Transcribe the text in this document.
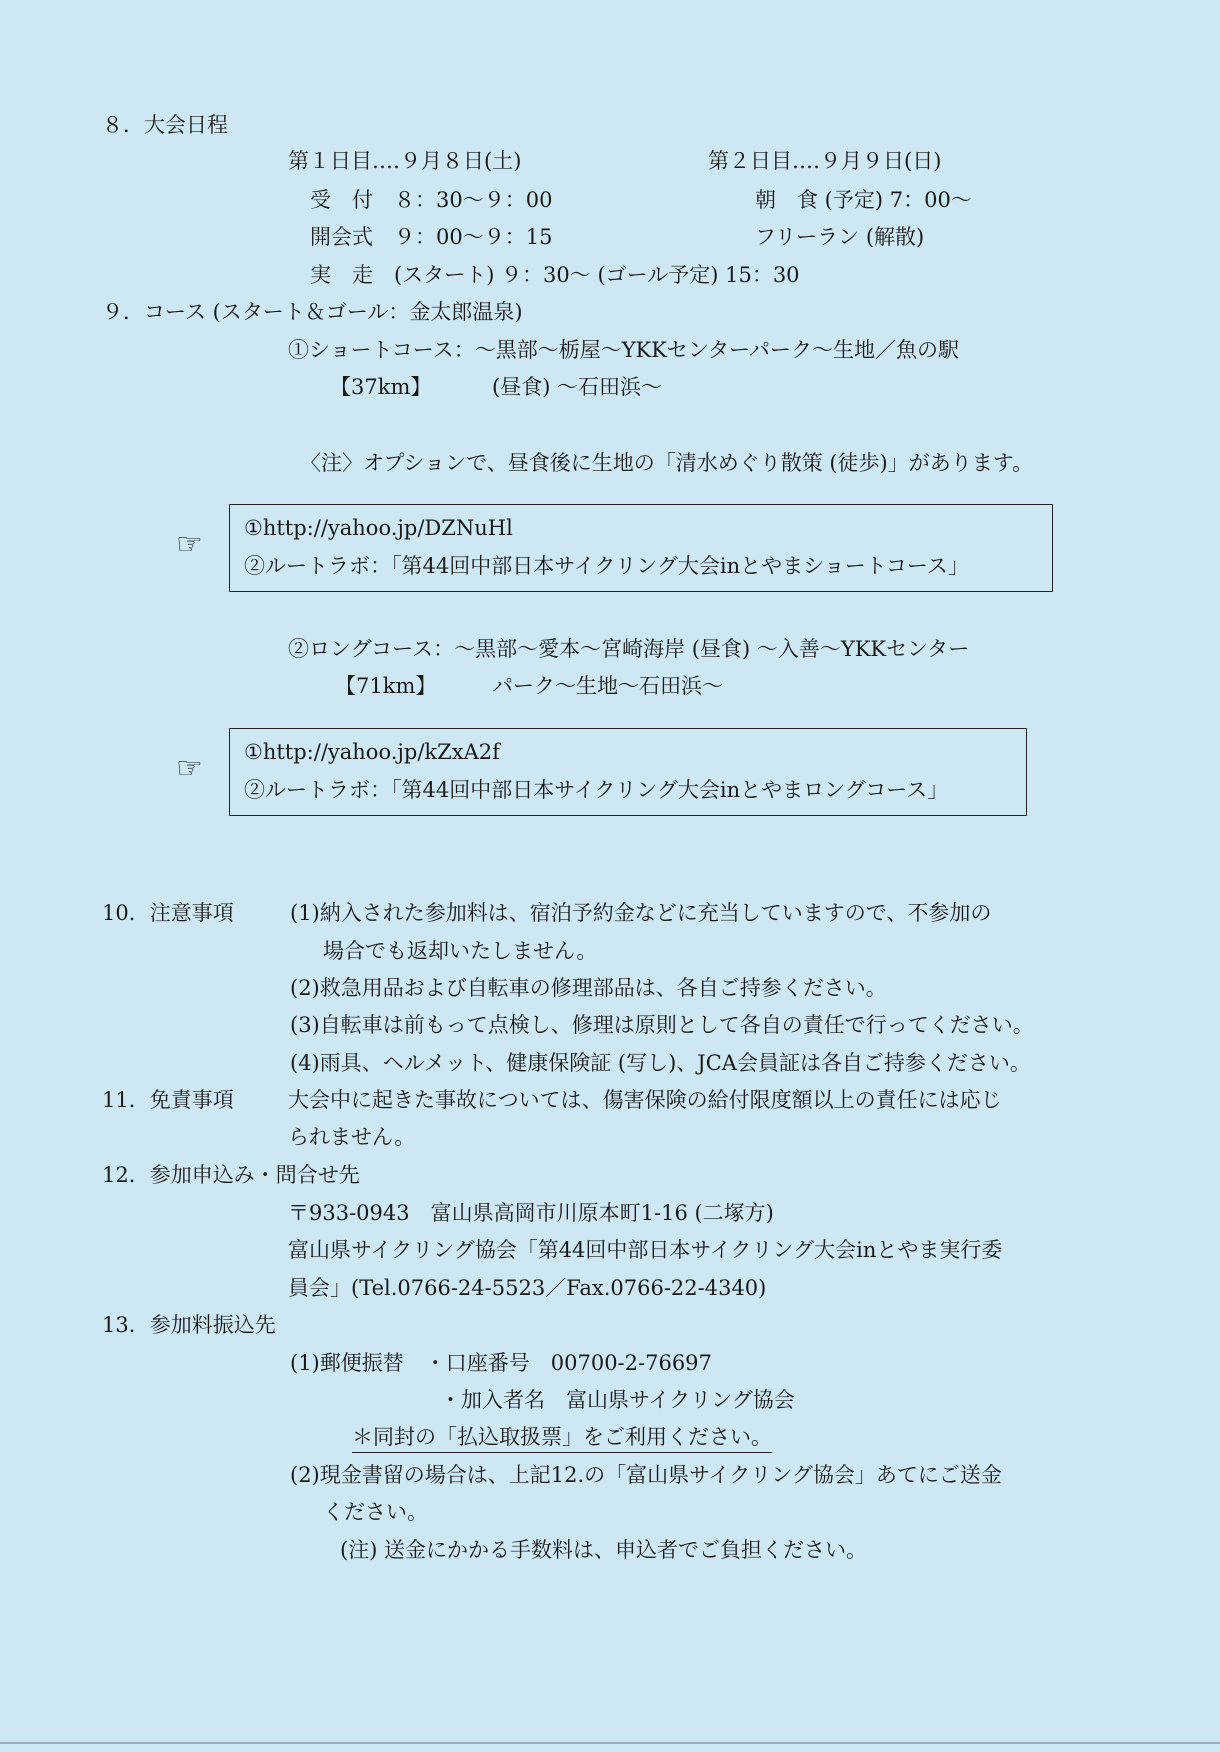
８．大会日程
第１日目‥‥９月８日(土)	第２日目‥‥９月９日(日)
受　付　８：30～９：00	朝　食 (予定) 7：00～
開会式　９：00～９：15	フリーラン (解散)
実　走　(スタート) ９：30～ (ゴール予定) 15：30
９．コース (スタート＆ゴール：金太郎温泉)
①ショートコース：～黒部～栃屋～YKKセンターパーク～生地／魚の駅
【37km】	(昼食) ～石田浜～
〈注〉オプションで、昼食後に生地の「清水めぐり散策 (徒歩)」があります。
☞ ①http://yahoo.jp/DZNuHl
②ルートラボ：「第44回中部日本サイクリング大会inとやまショートコース」
②ロングコース：～黒部～愛本～宮崎海岸 (昼食) ～入善～YKKセンター
【71km】	パーク～生地～石田浜～
☞ ①http://yahoo.jp/kZxA2f
②ルートラボ：「第44回中部日本サイクリング大会inとやまロングコース」
10．注意事項	(1)納入された参加料は、宿泊予約金などに充当していますので、不参加の
場合でも返却いたしません。
(2)救急用品および自転車の修理部品は、各自ご持参ください。
(3)自転車は前もって点検し、修理は原則として各自の責任で行ってください。
(4)雨具、ヘルメット、健康保険証 (写し)、JCA会員証は各自ご持参ください。
11．免責事項	大会中に起きた事故については、傷害保険の給付限度額以上の責任には応じ
られません。
12．参加申込み・問合せ先
〒933-0943　富山県高岡市川原本町1-16 (二塚方)
富山県サイクリング協会「第44回中部日本サイクリング大会inとやま実行委
員会」(Tel.0766-24-5523／Fax.0766-22-4340)
13．参加料振込先
(1)郵便振替　・口座番号　00700-2-76697
・加入者名　富山県サイクリング協会
＊同封の「払込取扱票」をご利用ください。
(2)現金書留の場合は、上記12.の「富山県サイクリング協会」あてにご送金
ください。
(注) 送金にかかる手数料は、申込者でご負担ください。
